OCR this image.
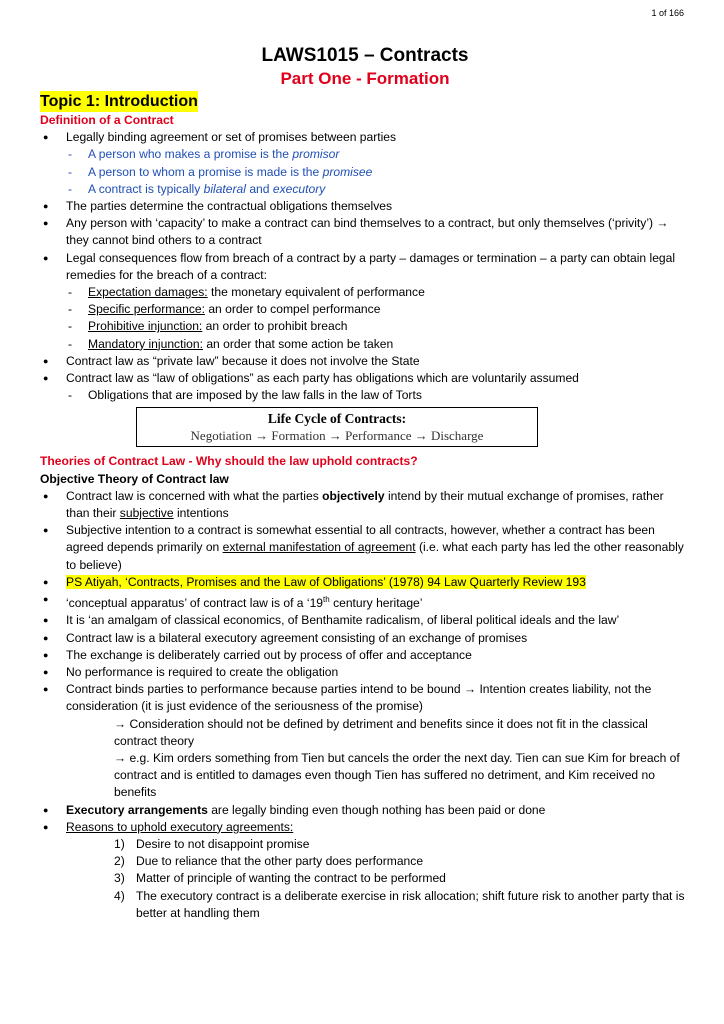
1 of 166
LAWS1015 – Contracts
Part One - Formation
Topic 1: Introduction
Definition of a Contract
● Legally binding agreement or set of promises between parties
- A person who makes a promise is the promisor
- A person to whom a promise is made is the promisee
- A contract is typically bilateral and executory
● The parties determine the contractual obligations themselves
● Any person with ‘capacity’ to make a contract can bind themselves to a contract, but only themselves (‘privity’) → they cannot bind others to a contract
● Legal consequences flow from breach of a contract by a party – damages or termination – a party can obtain legal remedies for the breach of a contract:
- Expectation damages: the monetary equivalent of performance
- Specific performance: an order to compel performance
- Prohibitive injunction: an order to prohibit breach
- Mandatory injunction: an order that some action be taken
● Contract law as “private law” because it does not involve the State
● Contract law as “law of obligations” as each party has obligations which are voluntarily assumed
- Obligations that are imposed by the law falls in the law of Torts
Life Cycle of Contracts:
Negotiation → Formation → Performance → Discharge
Theories of Contract Law - Why should the law uphold contracts?
Objective Theory of Contract law
● Contract law is concerned with what the parties objectively intend by their mutual exchange of promises, rather than their subjective intentions
● Subjective intention to a contract is somewhat essential to all contracts, however, whether a contract has been agreed depends primarily on external manifestation of agreement (i.e. what each party has led the other reasonably to believe)
● PS Atiyah, ‘Contracts, Promises and the Law of Obligations’ (1978) 94 Law Quarterly Review 193
● ‘conceptual apparatus’ of contract law is of a ‘19th century heritage’
● It is ‘an amalgam of classical economics, of Benthamite radicalism, of liberal political ideals and the law’
● Contract law is a bilateral executory agreement consisting of an exchange of promises
● The exchange is deliberately carried out by process of offer and acceptance
● No performance is required to create the obligation
● Contract binds parties to performance because parties intend to be bound → Intention creates liability, not the consideration (it is just evidence of the seriousness of the promise)
→ Consideration should not be defined by detriment and benefits since it does not fit in the classical contract theory
→ e.g. Kim orders something from Tien but cancels the order the next day. Tien can sue Kim for breach of contract and is entitled to damages even though Tien has suffered no detriment, and Kim received no benefits
● Executory arrangements are legally binding even though nothing has been paid or done
● Reasons to uphold executory agreements:
1) Desire to not disappoint promise
2) Due to reliance that the other party does performance
3) Matter of principle of wanting the contract to be performed
4) The executory contract is a deliberate exercise in risk allocation; shift future risk to another party that is better at handling them
